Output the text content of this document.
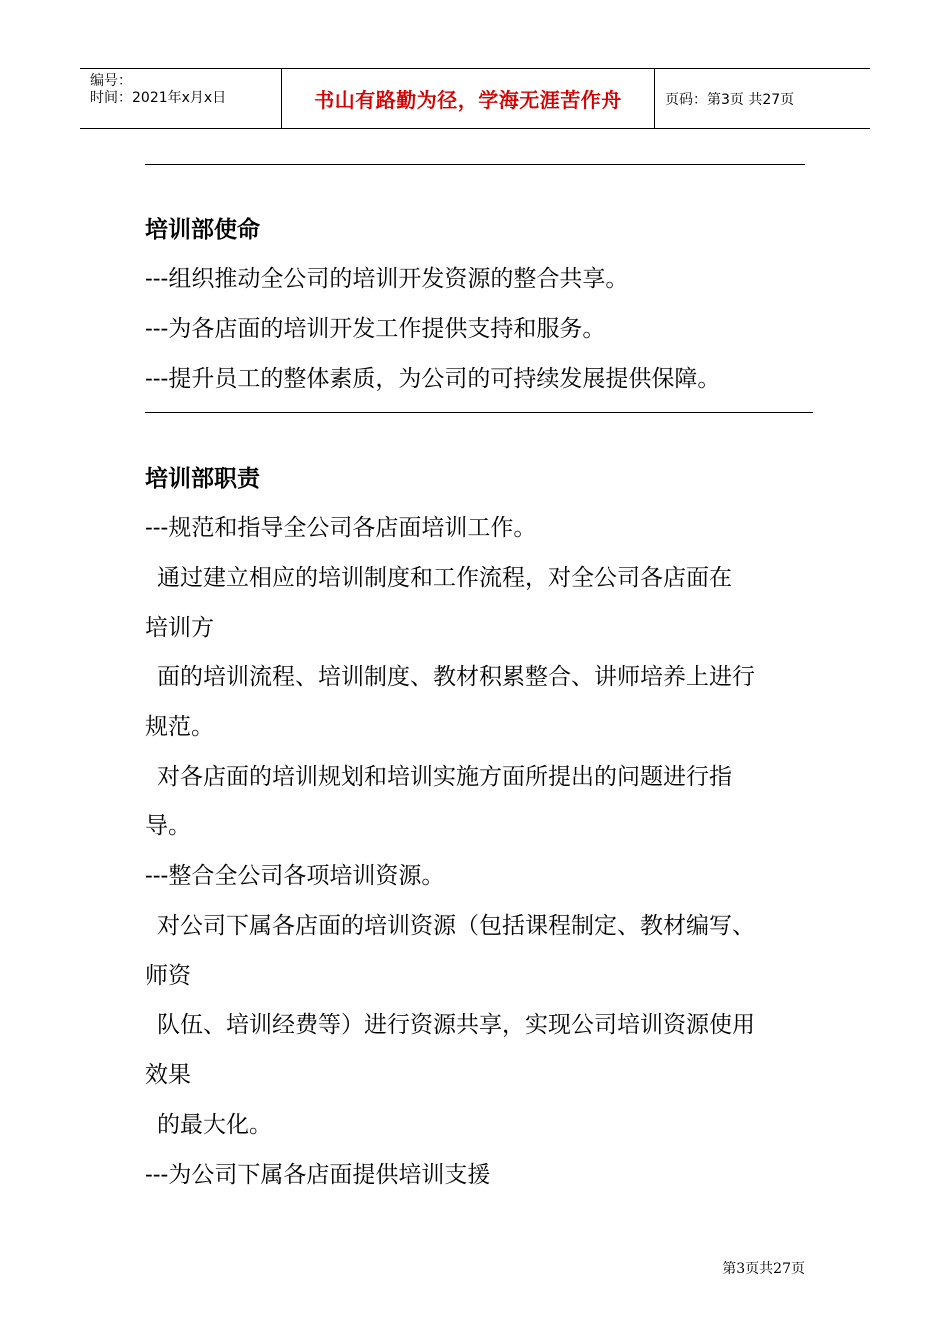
编号：
时间：2021年x月x日	书山有路勤为径，学海无涯苦作舟	页码：第3页 共27页
培训部使命
---组织推动全公司的培训开发资源的整合共享。
---为各店面的培训开发工作提供支持和服务。
---提升员工的整体素质，为公司的可持续发展提供保障。
培训部职责
---规范和指导全公司各店面培训工作。
通过建立相应的培训制度和工作流程，对全公司各店面在
培训方
面的培训流程、培训制度、教材积累整合、讲师培养上进行
规范。
对各店面的培训规划和培训实施方面所提出的问题进行指
导。
---整合全公司各项培训资源。
对公司下属各店面的培训资源（包括课程制定、教材编写、
师资
队伍、培训经费等）进行资源共享，实现公司培训资源使用
效果
的最大化。
---为公司下属各店面提供培训支援
第3页共27页
